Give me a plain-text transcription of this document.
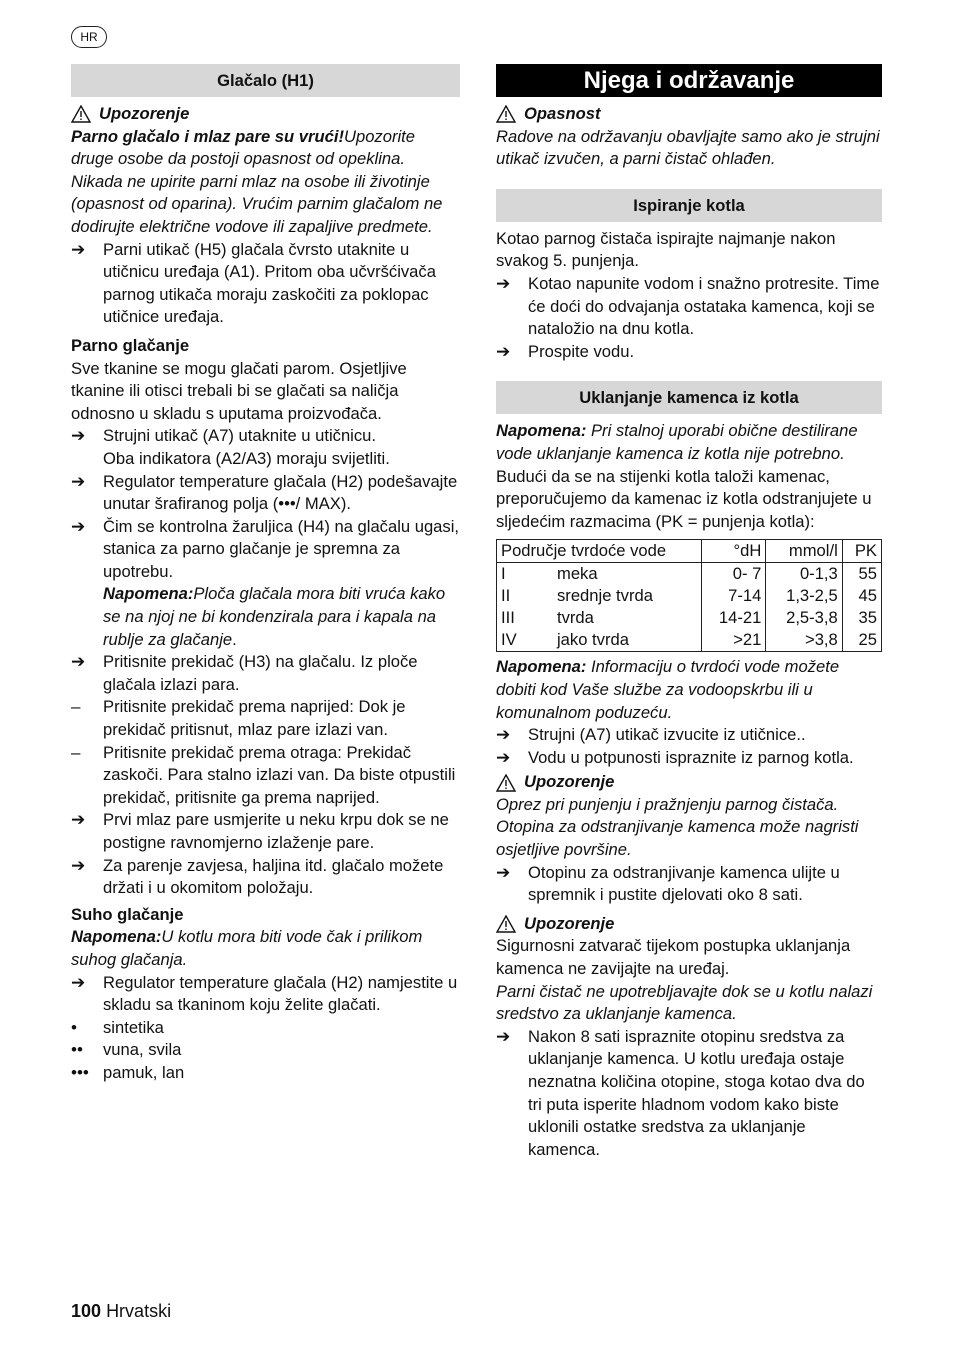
HR
Glačalo (H1)
Upozorenje

Parno glačalo i mlaz pare su vrući!Upozorite druge osobe da postoji opasnost od opeklina. Nikada ne upirite parni mlaz na osobe ili životinje (opasnost od oparina). Vrućim parnim glačalom ne dodirujte električne vodove ili zapaljive predmete.

➔	Parni utikač (H5) glačala čvrsto utaknite u utičnicu uređaja (A1). Pritom oba učvršćivača parnog utikača moraju zaskočiti za poklopac utičnice uređaja.

Parno glačanje

Sve tkanine se mogu glačati parom. Osjetljive tkanine ili otisci trebali bi se glačati sa naličja odnosno u skladu s uputama proizvođača.

➔	Strujni utikač (A7) utaknite u utičnicu.
Oba indikatora (A2/A3) moraju svijetliti.
➔	Regulator temperature glačala (H2) podešavajte unutar šrafiranog polja (•••/ MAX).
➔	Čim se kontrolna žaruljica (H4) na glačalu ugasi, stanica za parno glačanje je spremna za upotrebu.
Napomena:Ploča glačala mora biti vruća kako se na njoj ne bi kondenzirala para i kapala na rublje za glačanje.
➔	Pritisnite prekidač (H3) na glačalu. Iz ploče glačala izlazi para.
–	Pritisnite prekidač prema naprijed: Dok je prekidač pritisnut, mlaz pare izlazi van.
–	Pritisnite prekidač prema otraga: Prekidač zaskoči. Para stalno izlazi van. Da biste otpustili prekidač, pritisnite ga prema naprijed.
➔	Prvi mlaz pare usmjerite u neku krpu dok se ne postigne ravnomjerno izlaženje pare.
➔	Za parenje zavjesa, haljina itd. glačalo možete držati i u okomitom položaju.

Suho glačanje

Napomena:U kotlu mora biti vode čak i prilikom suhog glačanja.

➔	Regulator temperature glačala (H2) namjestite u skladu sa tkaninom koju želite glačati.
•	sintetika
••	vuna, svila
••• pamuk, lan
Njega i održavanje
Opasnost

Radove na održavanju obavljajte samo ako je strujni utikač izvučen, a parni čistač ohlađen.

Ispiranje kotla

Kotao parnog čistača ispirajte najmanje nakon svakog 5. punjenja.

➔	Kotao napunite vodom i snažno protresite. Time će doći do odvajanja ostataka kamenca, koji se nataložio na dnu kotla.
➔	Prospite vodu.
Uklanjanje kamenca iz kotla

Napomena: Pri stalnoj uporabi obične destilirane vode uklanjanje kamenca iz kotla nije potrebno.

Budući da se na stijenki kotla taloži kamenac, preporučujemo da kamenac iz kotla odstranjujete u sljedećim razmacima (PK = punjenja kotla):

Područje tvrdoće vode		°dH	mmol/l	PK
I	meka	0- 7	0-1,3	55
II	srednje tvrda	7-14	1,3-2,5	45
III	tvrda	14-21	2,5-3,8	35
IV	jako tvrda	>21	>3,8	25

Napomena: Informaciju o tvrdoći vode možete dobiti kod Vaše službe za vodoopskrbu ili u komunalnom poduzeću.

➔	Strujni (A7) utikač izvucite iz utičnice..
➔	Vodu u potpunosti ispraznite iz parnog kotla.
Upozorenje

Oprez pri punjenju i pražnjenju parnog čistača. Otopina za odstranjivanje kamenca može nagristi osjetljive površine.

➔	Otopinu za odstranjivanje kamenca ulijte u spremnik i pustite djelovati oko 8 sati.
Upozorenje

Sigurnosni zatvarač tijekom postupka uklanjanja kamenca ne zavijajte na uređaj.

Parni čistač ne upotrebljavajte dok se u kotlu nalazi sredstvo za uklanjanje kamenca.

➔	Nakon 8 sati ispraznite otopinu sredstva za uklanjanje kamenca. U kotlu uređaja ostaje neznatna količina otopine, stoga kotao dva do tri puta isperite hladnom vodom kako biste uklonili ostatke sredstva za uklanjanje kamenca.
100 Hrvatski
